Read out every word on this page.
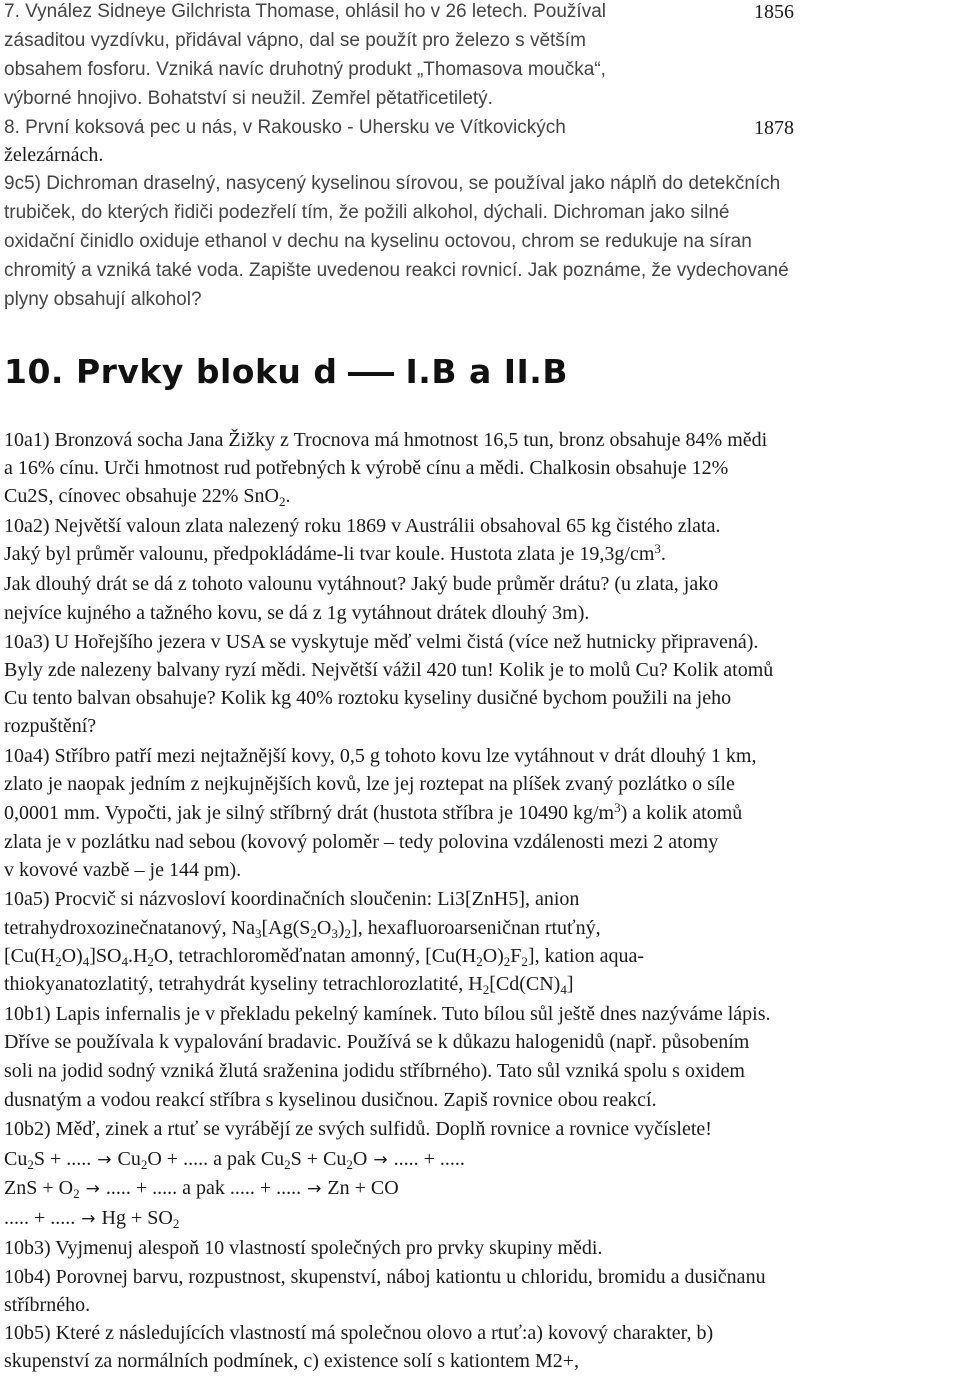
7. Vynález Sidneye Gilchrista Thomase, ohlásil ho v 26 letech. Používal	1856
zásaditou vyzdívku, přidával vápno, dal se použít pro železo s větším
obsahem fosforu. Vzniká navíc druhotný produkt „Thomasova moučka“,
výborné hnojivo. Bohatství si neužil. Zemřel pětatřicetiletý.
8. První koksová pec u nás, v Rakousko - Uhersku ve Vítkovických	1878
železárnách.
9c5) Dichroman draselný, nasycený kyselinou sírovou, se používal jako náplň do detekčních
trubiček, do kterých řidiči podezřelí tím, že požili alkohol, dýchali. Dichroman jako silné
oxidační činidlo oxiduje ethanol v dechu na kyselinu octovou, chrom se redukuje na síran
chromitý a vzniká také voda. Zapište uvedenou reakci rovnicí. Jak poznáme, že vydechované
plyny obsahují alkohol?
10. Prvky bloku d I.B a II.B
10a1) Bronzová socha Jana Žižky z Trocnova má hmotnost 16,5 tun, bronz obsahuje 84% mědi
a 16% cínu. Urči hmotnost rud potřebných k výrobě cínu a mědi. Chalkosin obsahuje 12%
Cu2S, cínovec obsahuje 22% SnO$_2$.
10a2) Největší valoun zlata nalezený roku 1869 v Austrálii obsahoval 65 kg čistého zlata.
Jaký byl průměr valounu, předpokládáme-li tvar koule. Hustota zlata je $19,3g/cm^3$.
Jak dlouhý drát se dá z tohoto valounu vytáhnout? Jaký bude průměr drátu? (u zlata, jako
nejvíce kujného a tažného kovu, se dá z 1g vytáhnout drátek dlouhý 3m).
10a3) U Hořejšího jezera v USA se vyskytuje měď velmi čistá (více než hutnicky připravená).
Byly zde nalezeny balvany ryzí mědi. Největší vážil 420 tun! Kolik je to molů Cu? Kolik atomů
Cu tento balvan obsahuje? Kolik kg 40% roztoku kyseliny dusičné bychom použili na jeho
rozpuštění?
10a4) Stříbro patří mezi nejtažnější kovy, 0,5 g tohoto kovu lze vytáhnout v drát dlouhý 1 km,
zlato je naopak jedním z nejkujnějších kovů, lze jej roztepat na plíšek zvaný pozlátko o síle
0,0001 mm. Vypočti, jak je silný stříbrný drát (hustota stříbra je 10490 $kg/m^3$) a kolik atomů
zlata je v pozlátku nad sebou (kovový poloměr – tedy polovina vzdálenosti mezi 2 atomy
v kovové vazbě – je 144 pm).
10a5) Procvič si názvosloví koordinačních sloučenin: Li3[ZnH5], anion
tetrahydroxozinečnatanový, $Na_3[Ag(S_2O_3)_2]$, hexafluoroarseničnan rtuťný,
$[Cu(H_2O)_4]SO_4.H_2O$, tetrachloroměďnatan amonný, $[Cu(H_2O)_2F_2]$, kation aqua-
thiokyanatozlatitý, tetrahydrát kyseliny tetrachlorozlatité, $H_2[Cd(CN)_4]$
10b1) Lapis infernalis je v překladu pekelný kamínek. Tuto bílou sůl ještě dnes nazýváme lápis.
Dříve se používala k vypalování bradavic. Používá se k důkazu halogenidů (např. působením
soli na jodid sodný vzniká žlutá sraženina jodidu stříbrného). Tato sůl vzniká spolu s oxidem
dusnatým a vodou reakcí stříbra s kyselinou dusičnou. Zapiš rovnice obou reakcí.
10b2) Měď, zinek a rtuť se vyrábějí ze svých sulfidů. Doplň rovnice a rovnice vyčíslete!
$Cu_2S$ + ..... → $Cu_2O$ + ..... a pak $Cu_2S + Cu_2O$ → ..... + .....
ZnS + $O_2$ → ..... + ..... a pak ..... + ..... → Zn + CO
..... + ..... → $Hg + SO_2$
10b3) Vyjmenuj alespoň 10 vlastností společných pro prvky skupiny mědi.
10b4) Porovnej barvu, rozpustnost, skupenství, náboj kationtu u chloridu, bromidu a dusičnanu
stříbrného.
10b5) Které z následujících vlastností má společnou olovo a rtuť:a) kovový charakter, b)
skupenství za normálních podmínek, c) existence solí s kationtem M2+,
